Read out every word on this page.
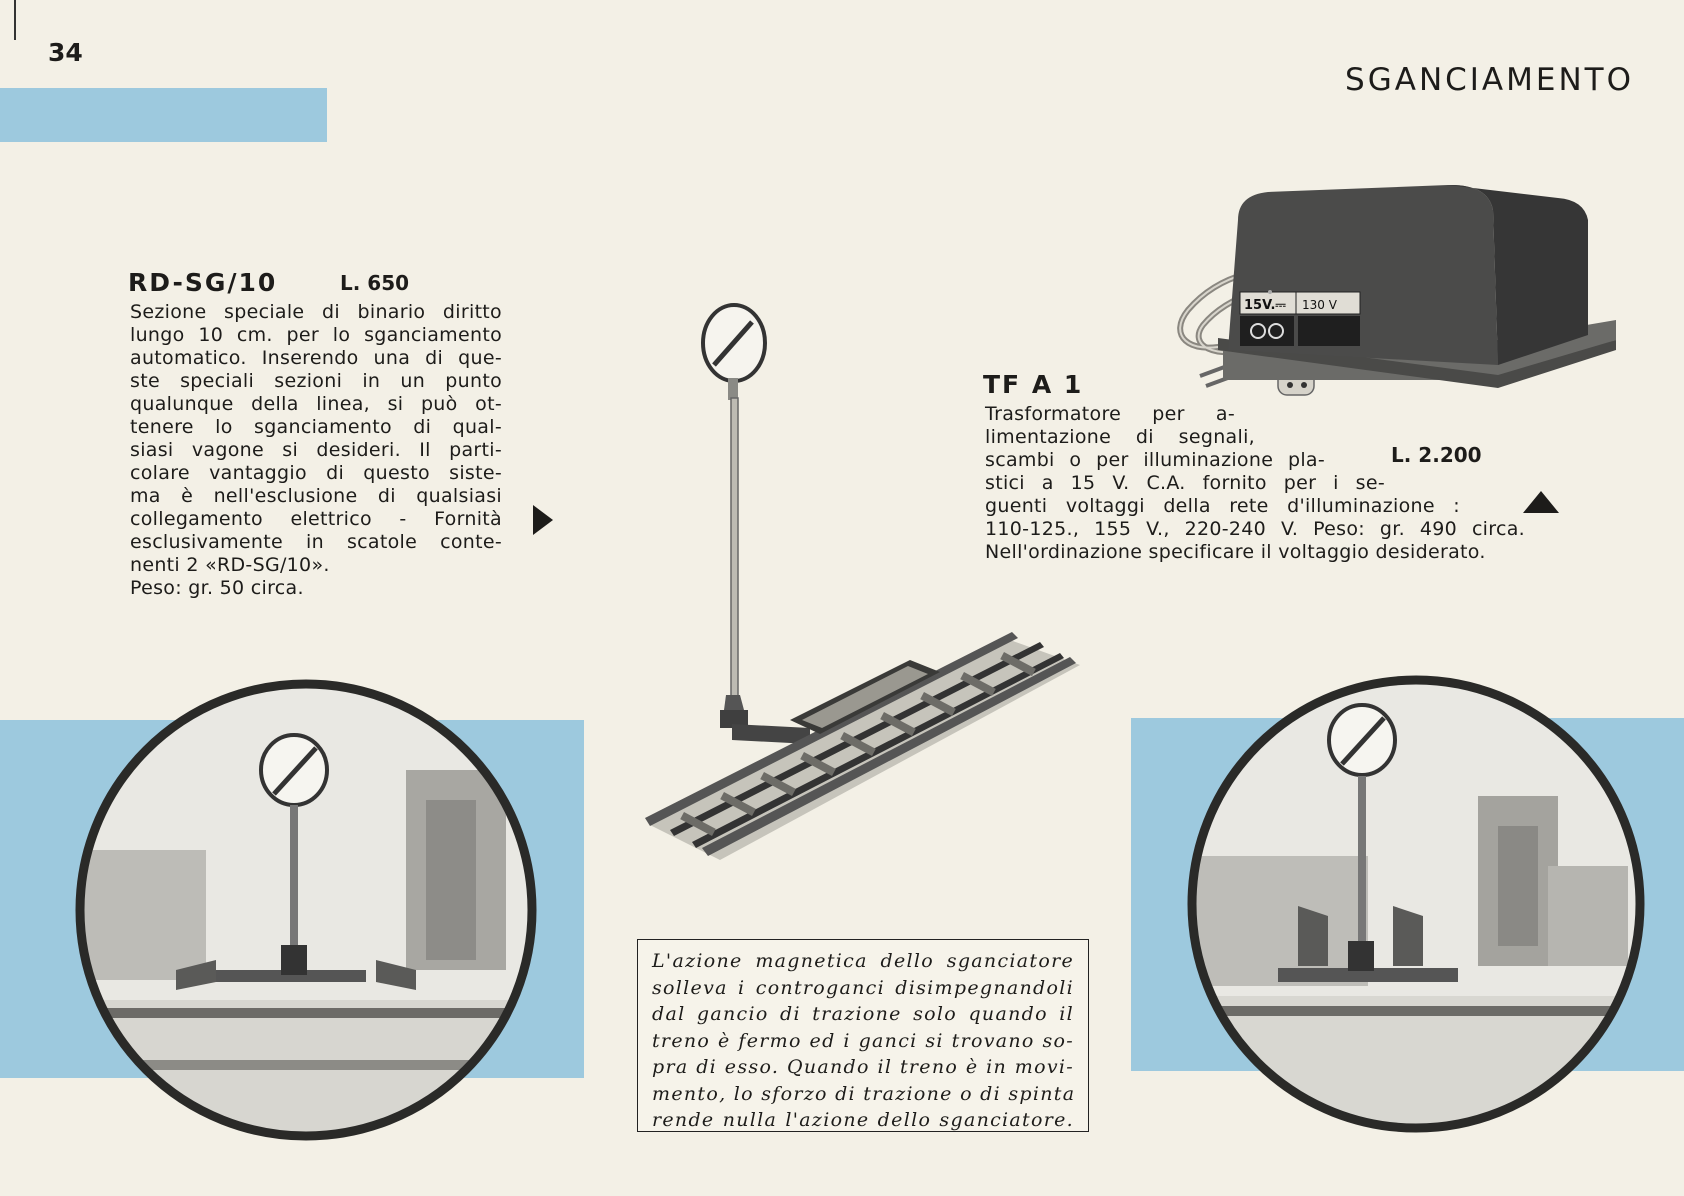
34
SGANCIAMENTO
RD-SG/10	L. 650
Sezione speciale di binario diritto
lungo 10 cm. per lo sganciamento
automatico. Inserendo una di que-
ste speciali sezioni in un punto
qualunque della linea, si può ot-
tenere lo sganciamento di qual-
siasi vagone si desideri. Il parti-
colare vantaggio di questo siste-
ma è nell'esclusione di qualsiasi
collegamento elettrico - Fornità
esclusivamente in scatole conte-
nenti 2 «RD-SG/10».
Peso: gr. 50 circa.
TF A 1
L. 2.200
Trasformatore per a-
limentazione di segnali,
scambi o per illuminazione pla-
stici a 15 V. C.A. fornito per i se-
guenti voltaggi della rete d'illuminazione :
110-125., 155 V., 220-240 V. Peso: gr. 490 circa.
Nell'ordinazione specificare il voltaggio desiderato.
15V.⎓ 130 V
L'azione magnetica dello sganciatore
solleva i controganci disimpegnandoli
dal gancio di trazione solo quando il
treno è fermo ed i ganci si trovano so-
pra di esso. Quando il treno è in movi-
mento, lo sforzo di trazione o di spinta
rende nulla l'azione dello sganciatore.
